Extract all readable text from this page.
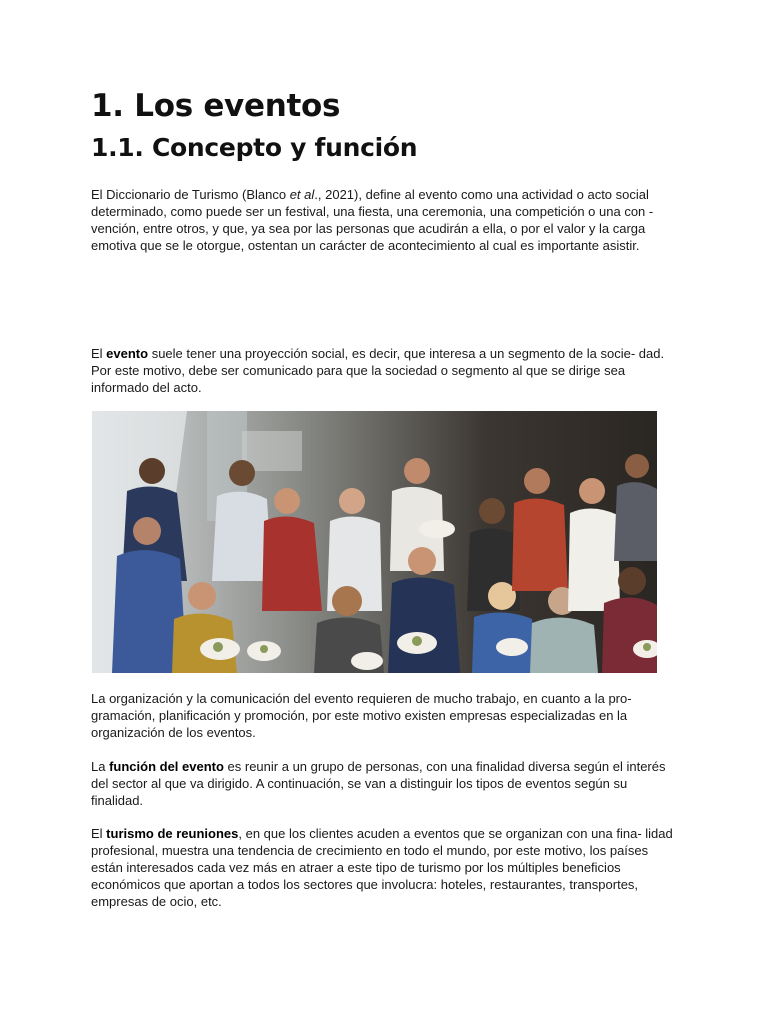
1. Los eventos
1.1. Concepto y función

El Diccionario de Turismo (Blanco et al., 2021), define al evento como una actividad o acto social determinado, como puede ser un festival, una fiesta, una ceremonia, una competición o una con - vención, entre otros, y que, ya sea por las personas que acudirán a ella, o por el valor y la carga emotiva que se le otorgue, ostentan un carácter de acontecimiento al cual es importante asistir.

El evento suele tener una proyección social, es decir, que interesa a un segmento de la socie- dad. Por este motivo, debe ser comunicado para que la sociedad o segmento al que se dirige sea informado del acto.

La organización y la comunicación del evento requieren de mucho trabajo, en cuanto a la pro- gramación, planificación y promoción, por este motivo existen empresas especializadas en la organización de los eventos.

La función del evento es reunir a un grupo de personas, con una finalidad diversa según el interés del sector al que va dirigido. A continuación, se van a distinguir los tipos de eventos según su finalidad.

El turismo de reuniones, en que los clientes acuden a eventos que se organizan con una fina- lidad profesional, muestra una tendencia de crecimiento en todo el mundo, por este motivo, los países están interesados cada vez más en atraer a este tipo de turismo por los múltiples beneficios económicos que aportan a todos los sectores que involucra: hoteles, restaurantes, transportes, empresas de ocio, etc.
